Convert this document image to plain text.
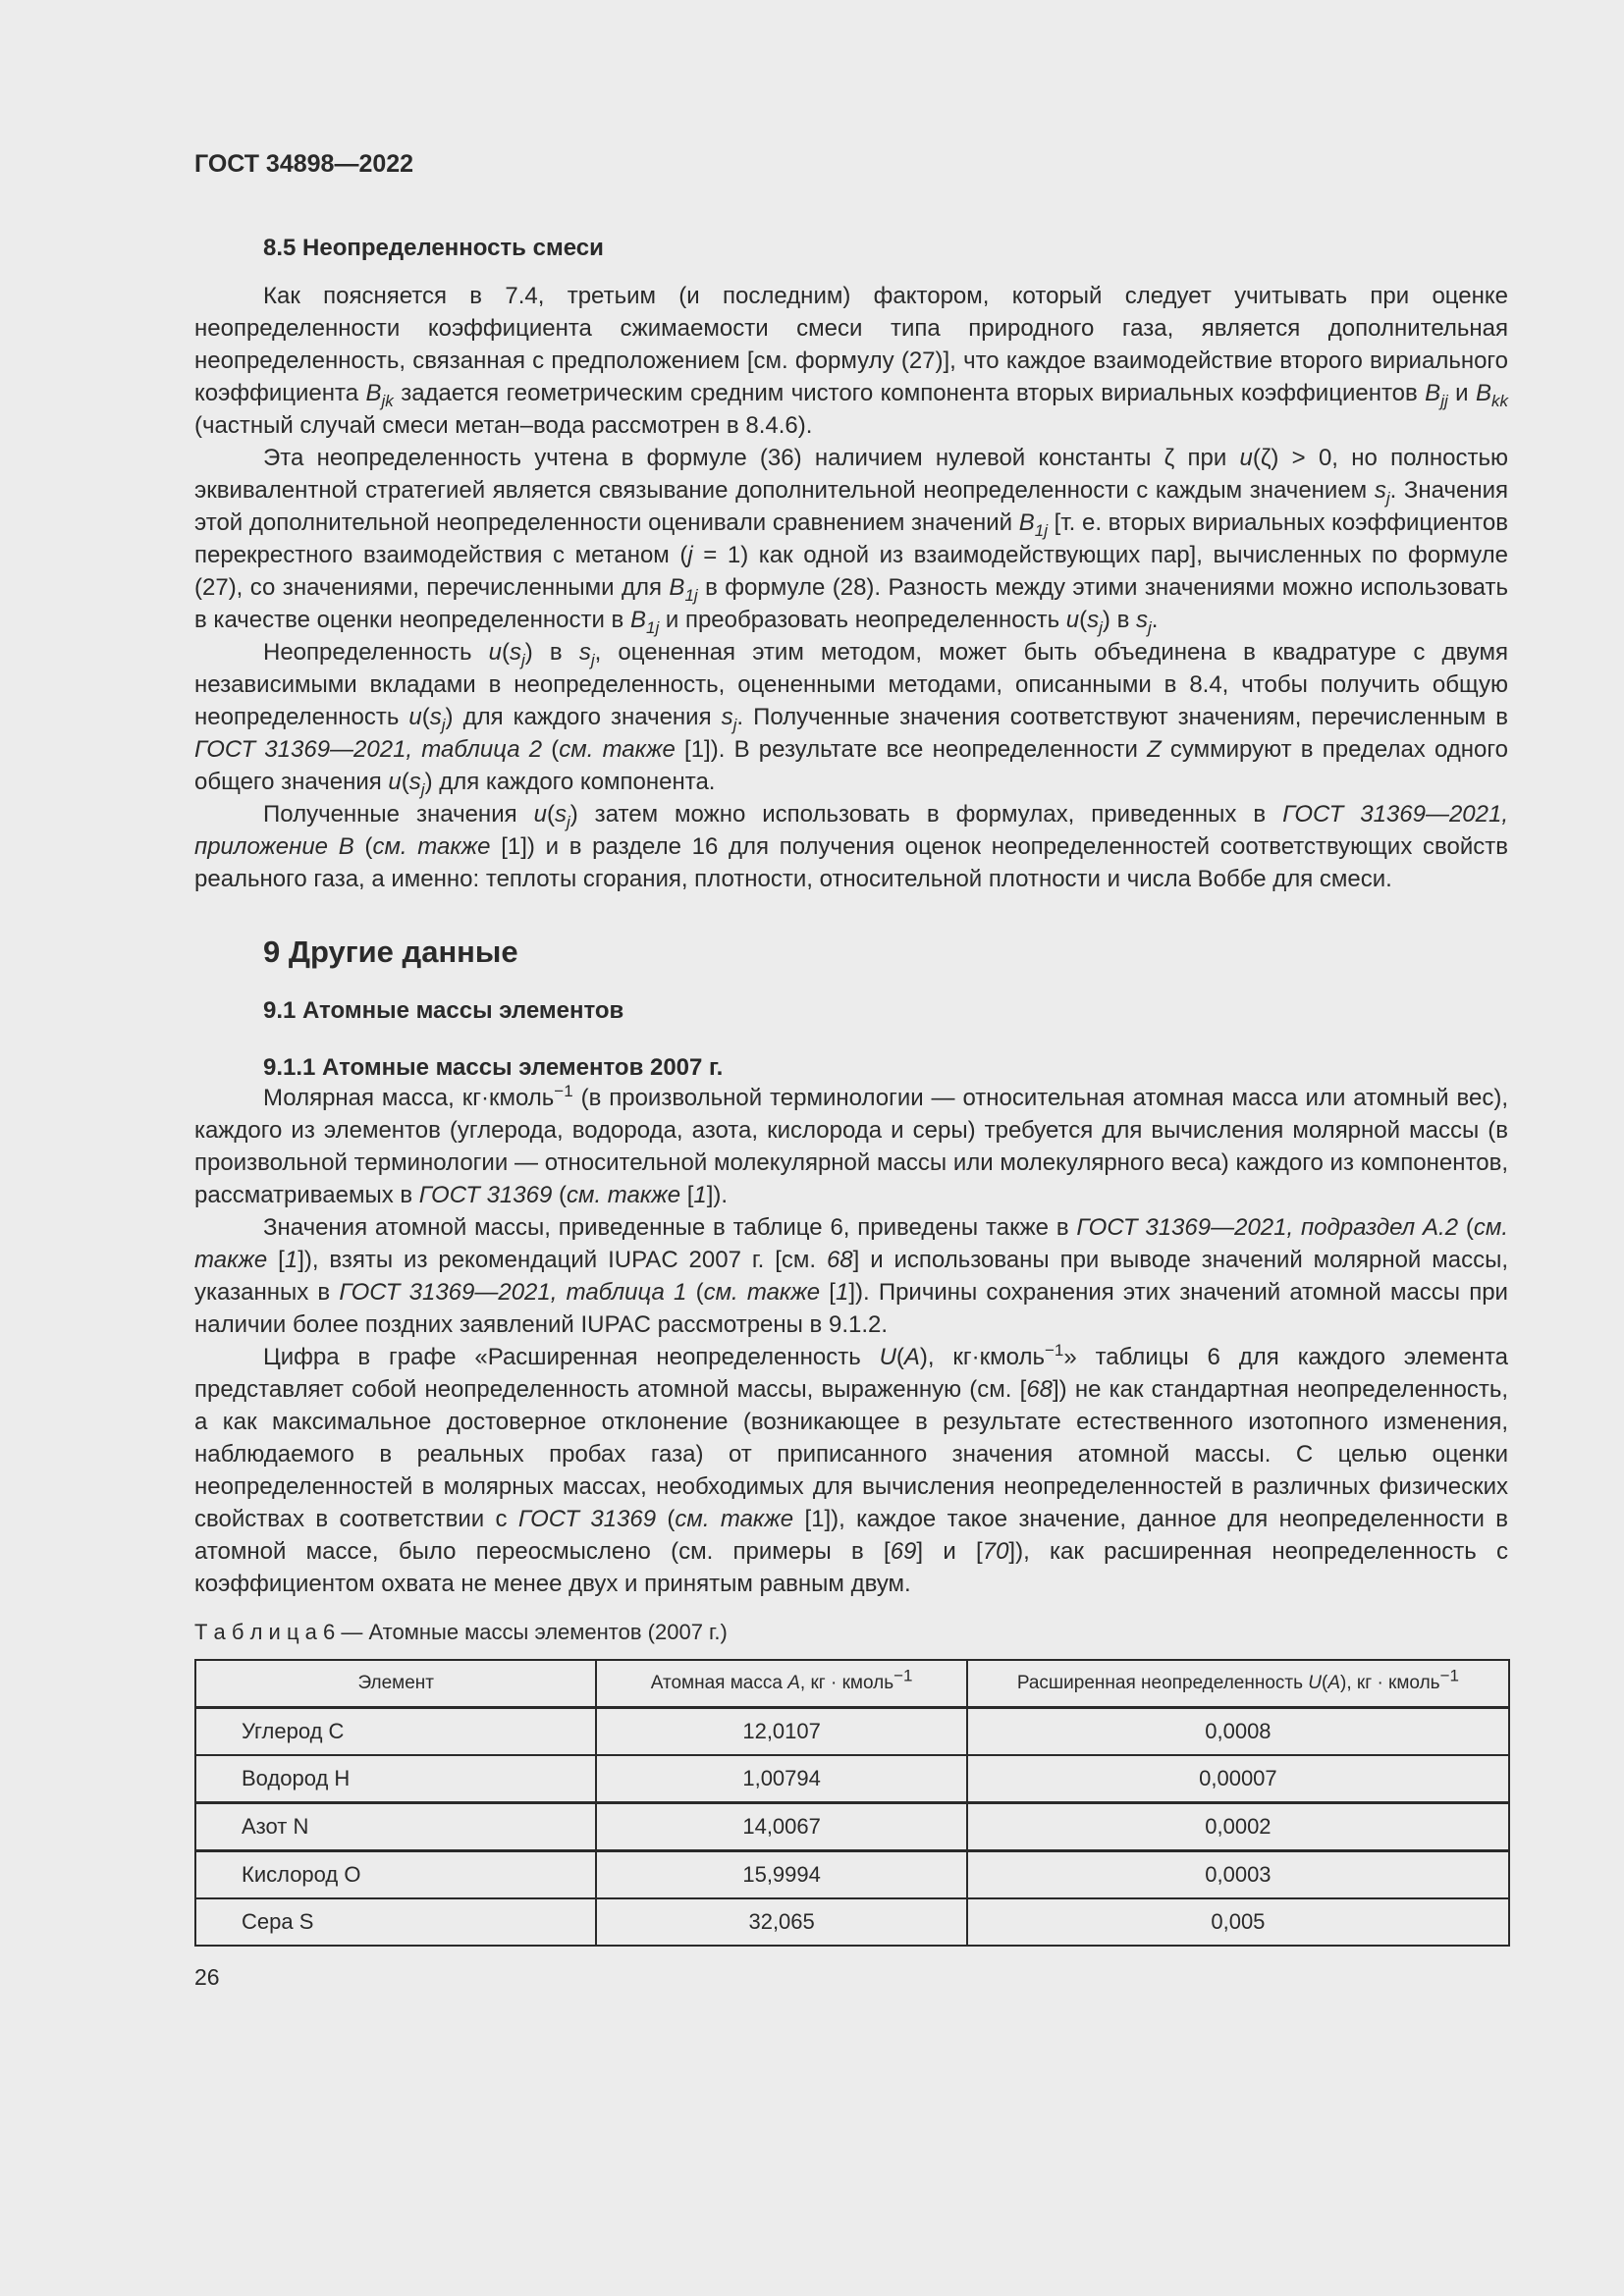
ГОСТ 34898—2022
8.5 Неопределенность смеси

Как поясняется в 7.4, третьим (и последним) фактором, который следует учитывать при оценке неопределенности коэффициента сжимаемости смеси типа природного газа, является дополнительная неопределенность, связанная с предположением [см. формулу (27)], что каждое взаимодействие второго вириального коэффициента $B_{jk}$ задается геометрическим средним чистого компонента вторых вириальных коэффициентов $B_{jj}$ и $B_{kk}$ (частный случай смеси метан–вода рассмотрен в 8.4.6).

Эта неопределенность учтена в формуле (36) наличием нулевой константы ζ при u(ζ) > 0, но полностью эквивалентной стратегией является связывание дополнительной неопределенности с каждым значением $s_j$. Значения этой дополнительной неопределенности оценивали сравнением значений $B_{1j}$ [т. е. вторых вириальных коэффициентов перекрестного взаимодействия с метаном (j = 1) как одной из взаимодействующих пар], вычисленных по формуле (27), со значениями, перечисленными для $B_{1j}$ в формуле (28). Разность между этими значениями можно использовать в качестве оценки неопределенности в $B_{1j}$ и преобразовать неопределенность $u(s_j)$ в $s_j$.

Неопределенность $u(s_j)$ в $s_j$, оцененная этим методом, может быть объединена в квадратуре с двумя независимыми вкладами в неопределенность, оцененными методами, описанными в 8.4, чтобы получить общую неопределенность $u(s_j)$ для каждого значения $s_j$. Полученные значения соответствуют значениям, перечисленным в ГОСТ 31369—2021, таблица 2 (см. также [1]). В результате все неопределенности Z суммируют в пределах одного общего значения $u(s_j)$ для каждого компонента.

Полученные значения $u(s_j)$ затем можно использовать в формулах, приведенных в ГОСТ 31369—2021, приложение В (см. также [1]) и в разделе 16 для получения оценок неопределенностей соответствующих свойств реального газа, а именно: теплоты сгорания, плотности, относительной плотности и числа Воббе для смеси.

9 Другие данные
9.1 Атомные массы элементов
9.1.1 Атомные массы элементов 2007 г.

Молярная масса, кг·кмоль$^{-1}$ (в произвольной терминологии — относительная атомная масса или атомный вес), каждого из элементов (углерода, водорода, азота, кислорода и серы) требуется для вычисления молярной массы (в произвольной терминологии — относительной молекулярной массы или молекулярного веса) каждого из компонентов, рассматриваемых в ГОСТ 31369 (см. также [1]).

Значения атомной массы, приведенные в таблице 6, приведены также в ГОСТ 31369—2021, подраздел А.2 (см. также [1]), взяты из рекомендаций IUPAC 2007 г. [см. 68] и использованы при выводе значений молярной массы, указанных в ГОСТ 31369—2021, таблица 1 (см. также [1]). Причины сохранения этих значений атомной массы при наличии более поздних заявлений IUPAC рассмотрены в 9.1.2.

Цифра в графе «Расширенная неопределенность U(A), кг·кмоль$^{-1}$» таблицы 6 для каждого элемента представляет собой неопределенность атомной массы, выраженную (см. [68]) не как стандартная неопределенность, а как максимальное достоверное отклонение (возникающее в результате естественного изотопного изменения, наблюдаемого в реальных пробах газа) от приписанного значения атомной массы. С целью оценки неопределенностей в молярных массах, необходимых для вычисления неопределенностей в различных физических свойствах в соответствии с ГОСТ 31369 (см. также [1]), каждое такое значение, данное для неопределенности в атомной массе, было переосмыслено (см. примеры в [69] и [70]), как расширенная неопределенность с коэффициентом охвата не менее двух и принятым равным двум.

Т а б л и ц а 6 — Атомные массы элементов (2007 г.)

Элемент	Атомная масса A, кг · кмоль$^{-1}$	Расширенная неопределенность U(A), кг · кмоль$^{-1}$
Углерод С	12,0107	0,0008
Водород Н	1,00794	0,00007
Азот N	14,0067	0,0002
Кислород О	15,9994	0,0003
Сера S	32,065	0,005
26
